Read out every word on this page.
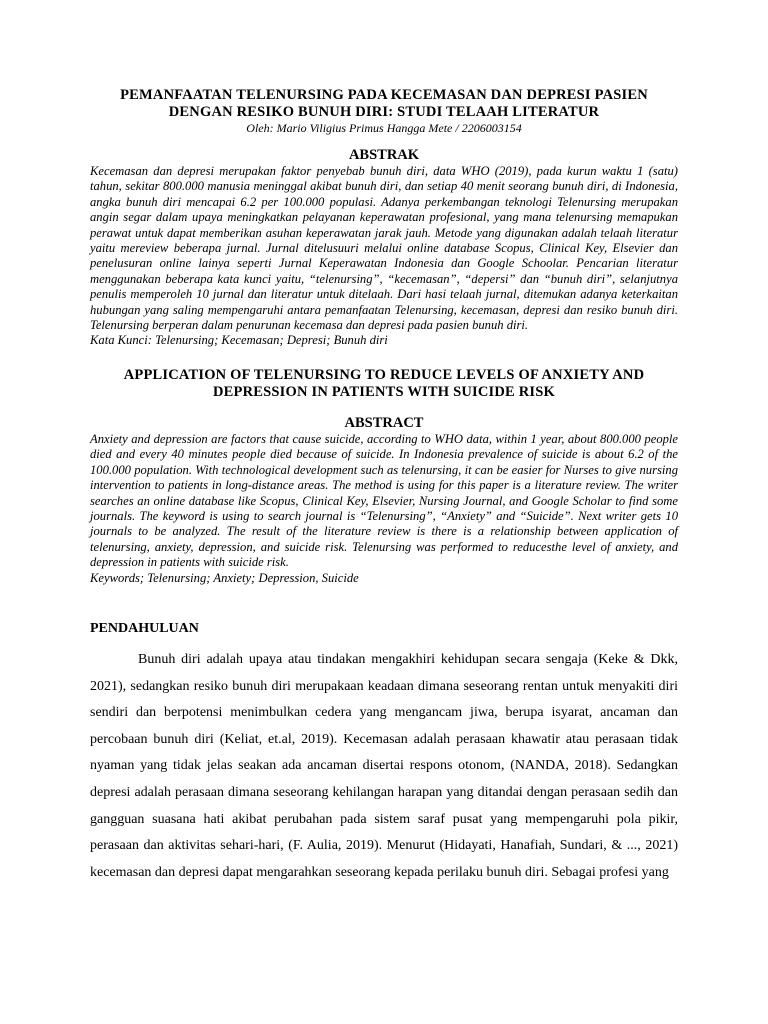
PEMANFAATAN TELENURSING PADA KECEMASAN DAN DEPRESI PASIEN
DENGAN RESIKO BUNUH DIRI: STUDI TELAAH LITERATUR

Oleh: Mario Viligius Primus Hangga Mete / 2206003154

ABSTRAK

Kecemasan dan depresi merupakan faktor penyebab bunuh diri, data WHO (2019), pada kurun waktu 1 (satu) tahun, sekitar 800.000 manusia meninggal akibat bunuh diri, dan setiap 40 menit seorang bunuh diri, di Indonesia, angka bunuh diri mencapai 6.2 per 100.000 populasi. Adanya perkembangan teknologi Telenursing merupakan angin segar dalam upaya meningkatkan pelayanan keperawatan profesional, yang mana telenursing memapukan perawat untuk dapat memberikan asuhan keperawatan jarak jauh. Metode yang digunakan adalah telaah literatur yaitu mereview beberapa jurnal. Jurnal ditelusuuri melalui online database Scopus, Clinical Key, Elsevier dan penelusuran online lainya seperti Jurnal Keperawatan Indonesia dan Google Schoolar. Pencarian literatur menggunakan beberapa kata kunci yaitu, “telenursing”, “kecemasan”, “depersi” dan “bunuh diri”, selanjutnya penulis memperoleh 10 jurnal dan literatur untuk ditelaah. Dari hasi telaah jurnal, ditemukan adanya keterkaitan hubungan yang saling mempengaruhi antara pemanfaatan Telenursing, kecemasan, depresi dan resiko bunuh diri. Telenursing berperan dalam penurunan kecemasa dan depresi pada pasien bunuh diri.

Kata Kunci: Telenursing; Kecemasan; Depresi; Bunuh diri

APPLICATION OF TELENURSING TO REDUCE LEVELS OF ANXIETY AND
DEPRESSION IN PATIENTS WITH SUICIDE RISK
ABSTRACT

Anxiety and depression are factors that cause suicide, according to WHO data, within 1 year, about 800.000 people died and every 40 minutes people died because of suicide. In Indonesia prevalence of suicide is about 6.2 of the 100.000 population. With technological development such as telenursing, it can be easier for Nurses to give nursing intervention to patients in long-distance areas. The method is using for this paper is a literature review. The writer searches an online database like Scopus, Clinical Key, Elsevier, Nursing Journal, and Google Scholar to find some journals. The keyword is using to search journal is “Telenursing”, “Anxiety” and “Suicide”. Next writer gets 10 journals to be analyzed. The result of the literature review is there is a relationship between application of telenursing, anxiety, depression, and suicide risk. Telenursing was performed to reducesthe level of anxiety, and depression in patients with suicide risk.

Keywords; Telenursing; Anxiety; Depression, Suicide

PENDAHULUAN

Bunuh diri adalah upaya atau tindakan mengakhiri kehidupan secara sengaja (Keke & Dkk, 2021), sedangkan resiko bunuh diri merupakaan keadaan dimana seseorang rentan untuk menyakiti diri sendiri dan berpotensi menimbulkan cedera yang mengancam jiwa, berupa isyarat, ancaman dan percobaan bunuh diri (Keliat, et.al, 2019). Kecemasan adalah perasaan khawatir atau perasaan tidak nyaman yang tidak jelas seakan ada ancaman disertai respons otonom, (NANDA, 2018). Sedangkan depresi adalah perasaan dimana seseorang kehilangan harapan yang ditandai dengan perasaan sedih dan gangguan suasana hati akibat perubahan pada sistem saraf pusat yang mempengaruhi pola pikir, perasaan dan aktivitas sehari-hari, (F. Aulia, 2019). Menurut (Hidayati, Hanafiah, Sundari, & ..., 2021) kecemasan dan depresi dapat mengarahkan seseorang kepada perilaku bunuh diri. Sebagai profesi yang
